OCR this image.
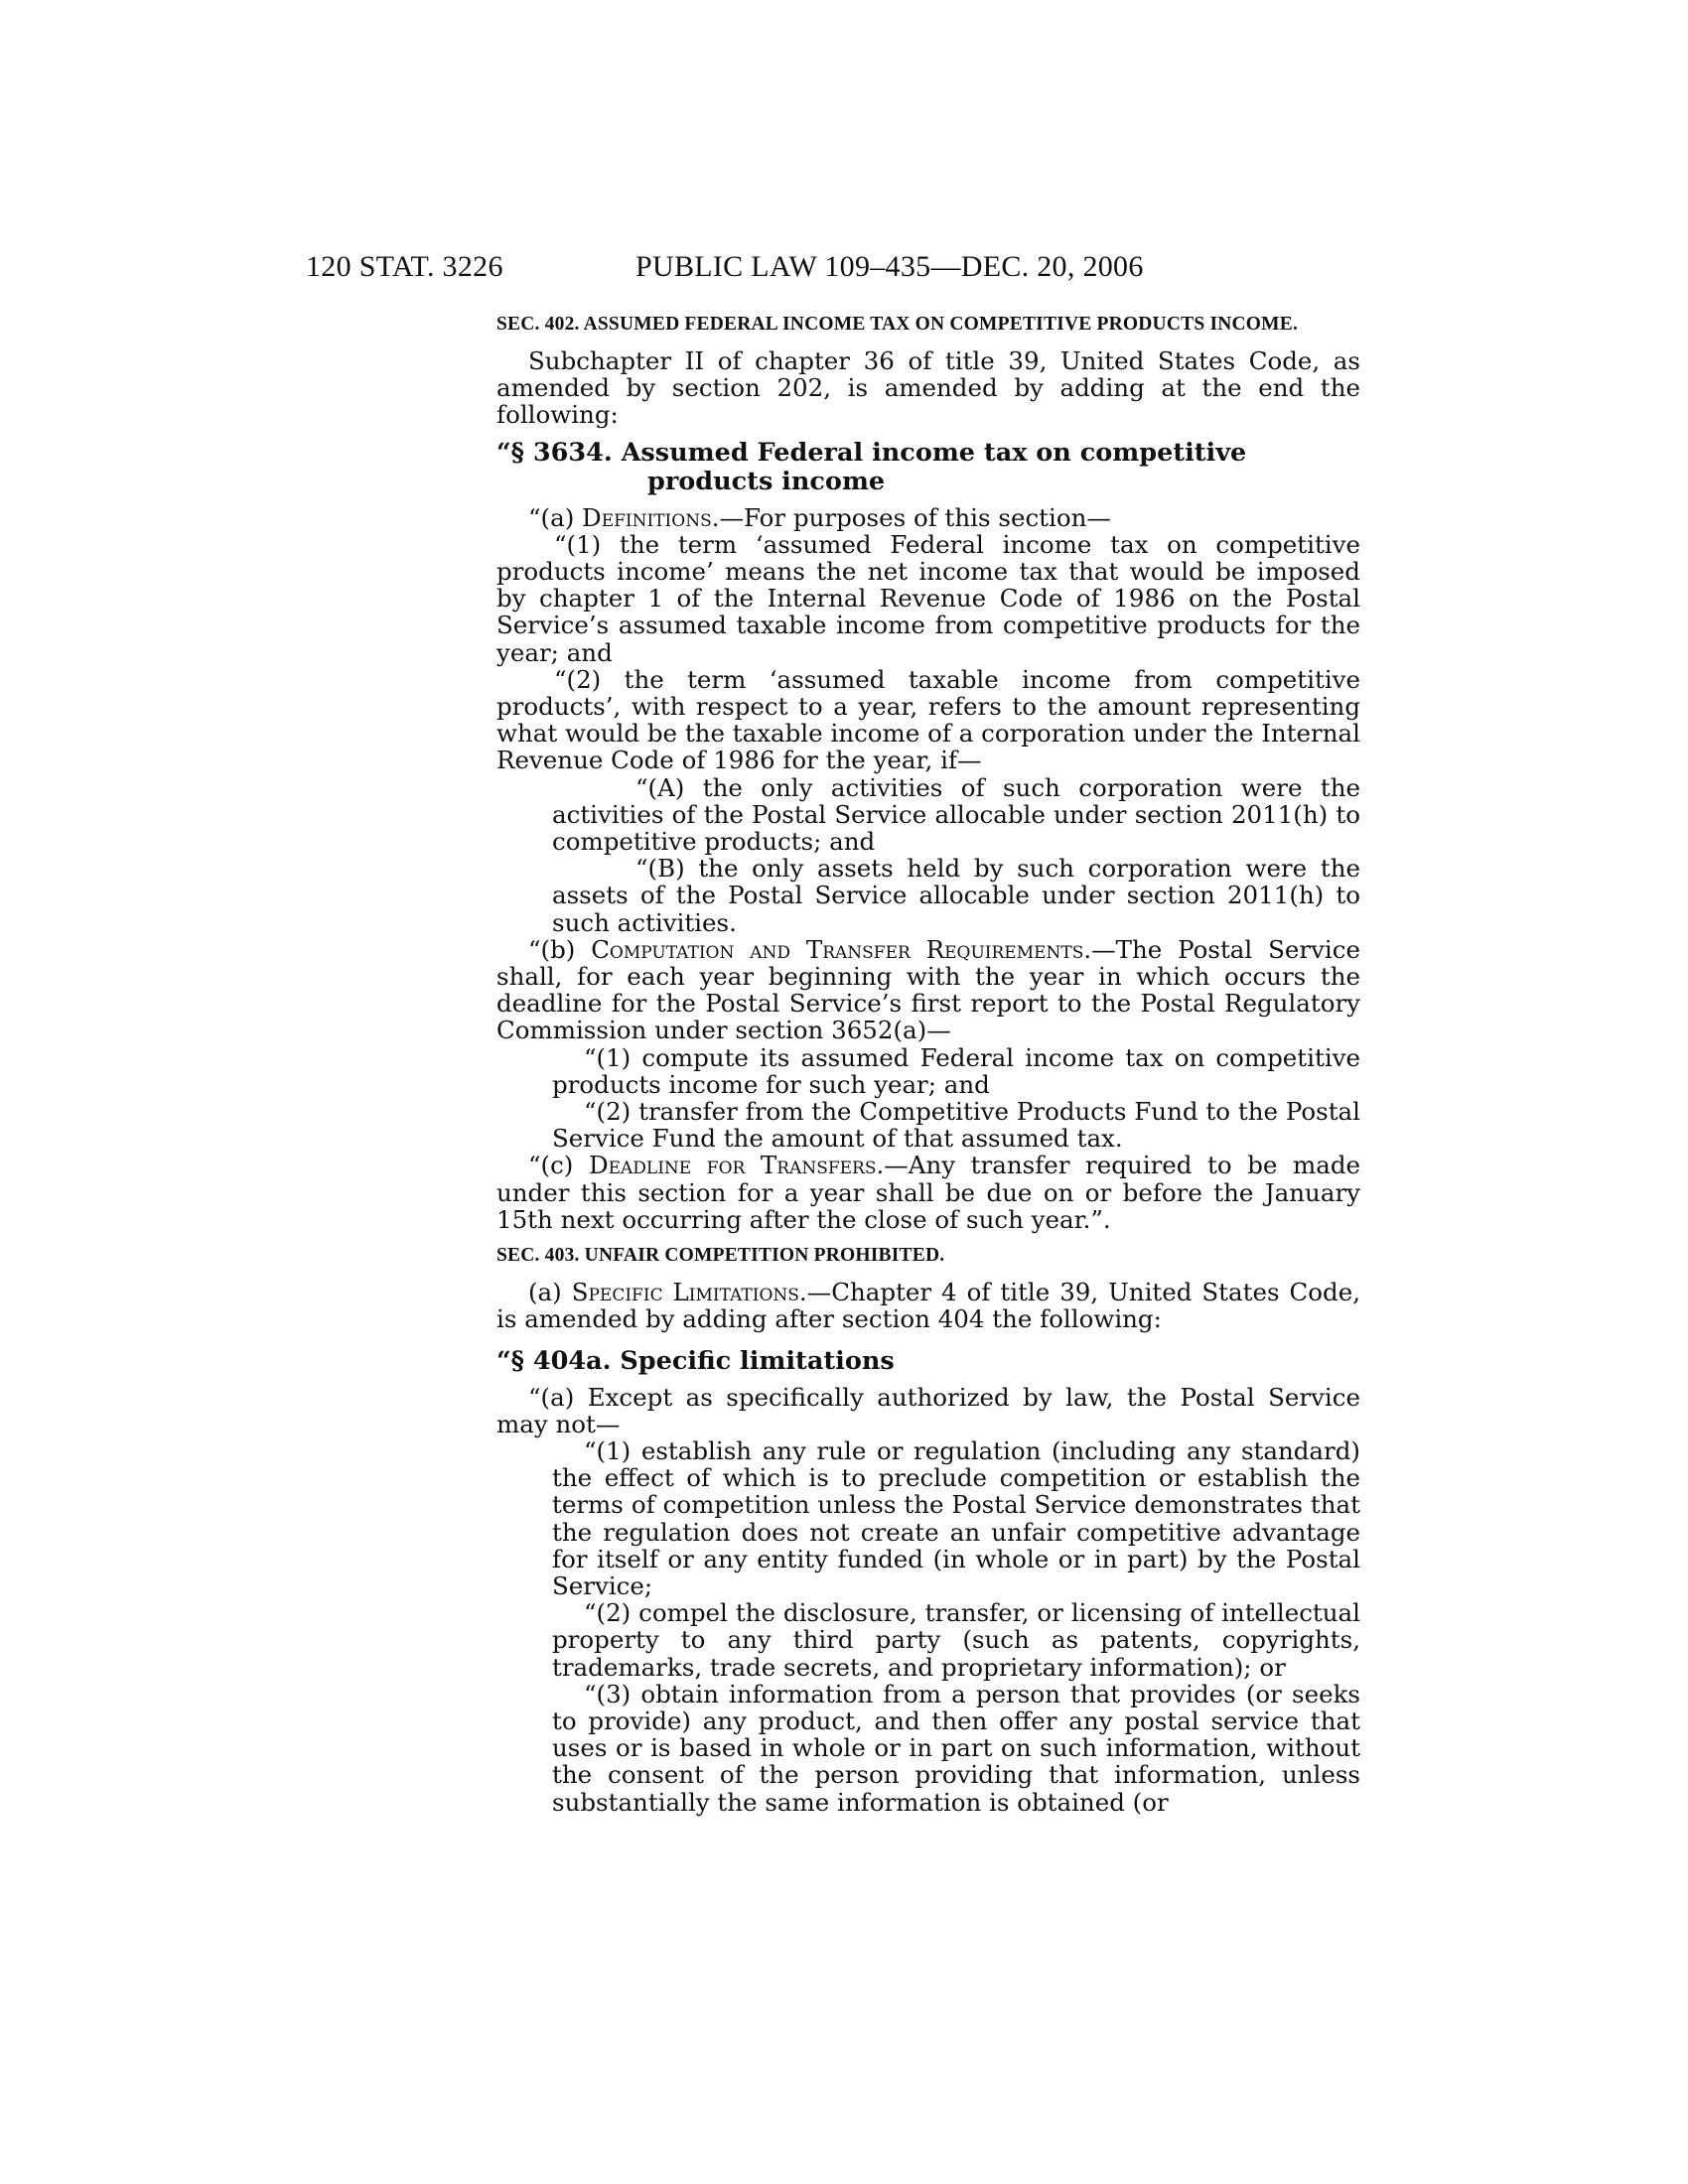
120 STAT. 3226	PUBLIC LAW 109–435—DEC. 20, 2006

SEC. 402. ASSUMED FEDERAL INCOME TAX ON COMPETITIVE PRODUCTS INCOME.

Subchapter II of chapter 36 of title 39, United States Code, as amended by section 202, is amended by adding at the end the following:

“§ 3634. Assumed Federal income tax on competitive products income

“(a) Definitions.—For purposes of this section—

“(1) the term ‘assumed Federal income tax on competitive products income’ means the net income tax that would be imposed by chapter 1 of the Internal Revenue Code of 1986 on the Postal Service’s assumed taxable income from competitive products for the year; and

“(2) the term ‘assumed taxable income from competitive products’, with respect to a year, refers to the amount representing what would be the taxable income of a corporation under the Internal Revenue Code of 1986 for the year, if—

“(A) the only activities of such corporation were the activities of the Postal Service allocable under section 2011(h) to competitive products; and

“(B) the only assets held by such corporation were the assets of the Postal Service allocable under section 2011(h) to such activities.

“(b) Computation and Transfer Requirements.—The Postal Service shall, for each year beginning with the year in which occurs the deadline for the Postal Service’s first report to the Postal Regulatory Commission under section 3652(a)—

“(1) compute its assumed Federal income tax on competitive products income for such year; and

“(2) transfer from the Competitive Products Fund to the Postal Service Fund the amount of that assumed tax.

“(c) Deadline for Transfers.—Any transfer required to be made under this section for a year shall be due on or before the January 15th next occurring after the close of such year.”.

SEC. 403. UNFAIR COMPETITION PROHIBITED.

(a) Specific Limitations.—Chapter 4 of title 39, United States Code, is amended by adding after section 404 the following:

“§ 404a. Specific limitations

“(a) Except as specifically authorized by law, the Postal Service may not—

“(1) establish any rule or regulation (including any standard) the effect of which is to preclude competition or establish the terms of competition unless the Postal Service demonstrates that the regulation does not create an unfair competitive advantage for itself or any entity funded (in whole or in part) by the Postal Service;

“(2) compel the disclosure, transfer, or licensing of intellectual property to any third party (such as patents, copyrights, trademarks, trade secrets, and proprietary information); or

“(3) obtain information from a person that provides (or seeks to provide) any product, and then offer any postal service that uses or is based in whole or in part on such information, without the consent of the person providing that information, unless substantially the same information is obtained (or
